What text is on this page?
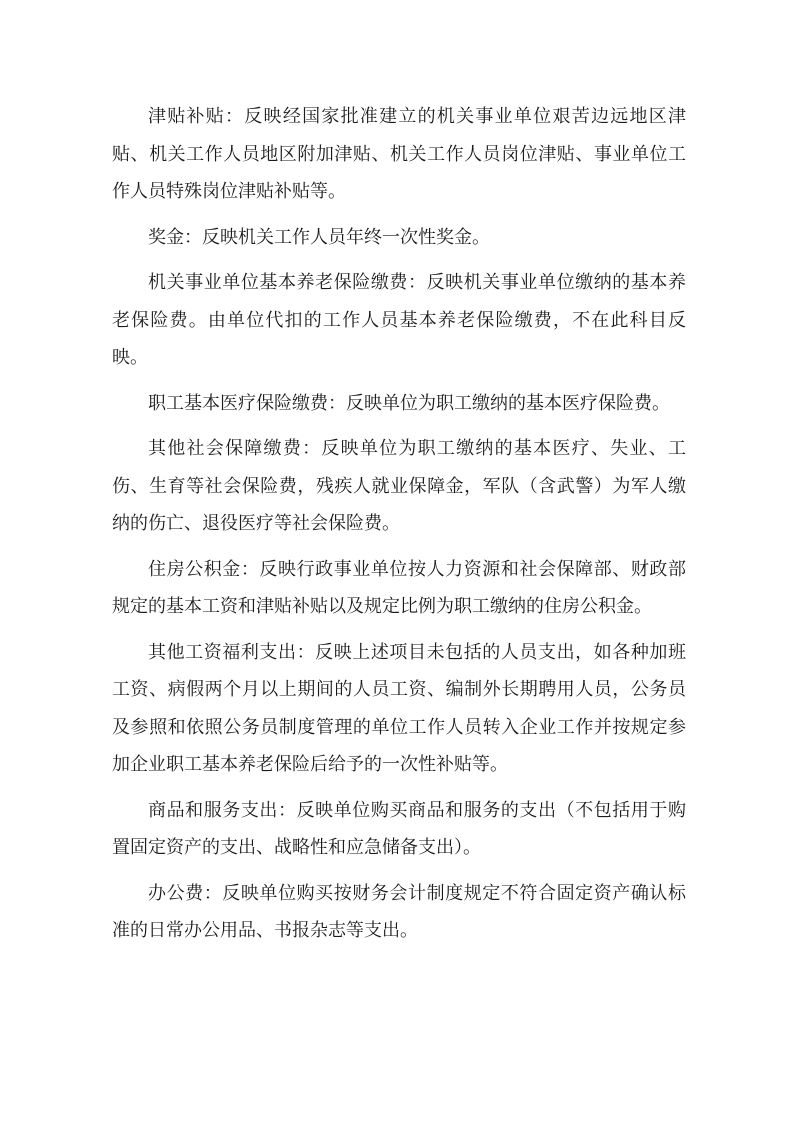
津贴补贴：反映经国家批准建立的机关事业单位艰苦边远地区津贴、机关工作人员地区附加津贴、机关工作人员岗位津贴、事业单位工作人员特殊岗位津贴补贴等。

奖金：反映机关工作人员年终一次性奖金。

机关事业单位基本养老保险缴费：反映机关事业单位缴纳的基本养老保险费。由单位代扣的工作人员基本养老保险缴费，不在此科目反映。

职工基本医疗保险缴费：反映单位为职工缴纳的基本医疗保险费。

其他社会保障缴费：反映单位为职工缴纳的基本医疗、失业、工伤、生育等社会保险费，残疾人就业保障金，军队（含武警）为军人缴纳的伤亡、退役医疗等社会保险费。

住房公积金：反映行政事业单位按人力资源和社会保障部、财政部规定的基本工资和津贴补贴以及规定比例为职工缴纳的住房公积金。

其他工资福利支出：反映上述项目未包括的人员支出，如各种加班工资、病假两个月以上期间的人员工资、编制外长期聘用人员，公务员及参照和依照公务员制度管理的单位工作人员转入企业工作并按规定参加企业职工基本养老保险后给予的一次性补贴等。

商品和服务支出：反映单位购买商品和服务的支出（不包括用于购置固定资产的支出、战略性和应急储备支出）。

办公费：反映单位购买按财务会计制度规定不符合固定资产确认标准的日常办公用品、书报杂志等支出。
